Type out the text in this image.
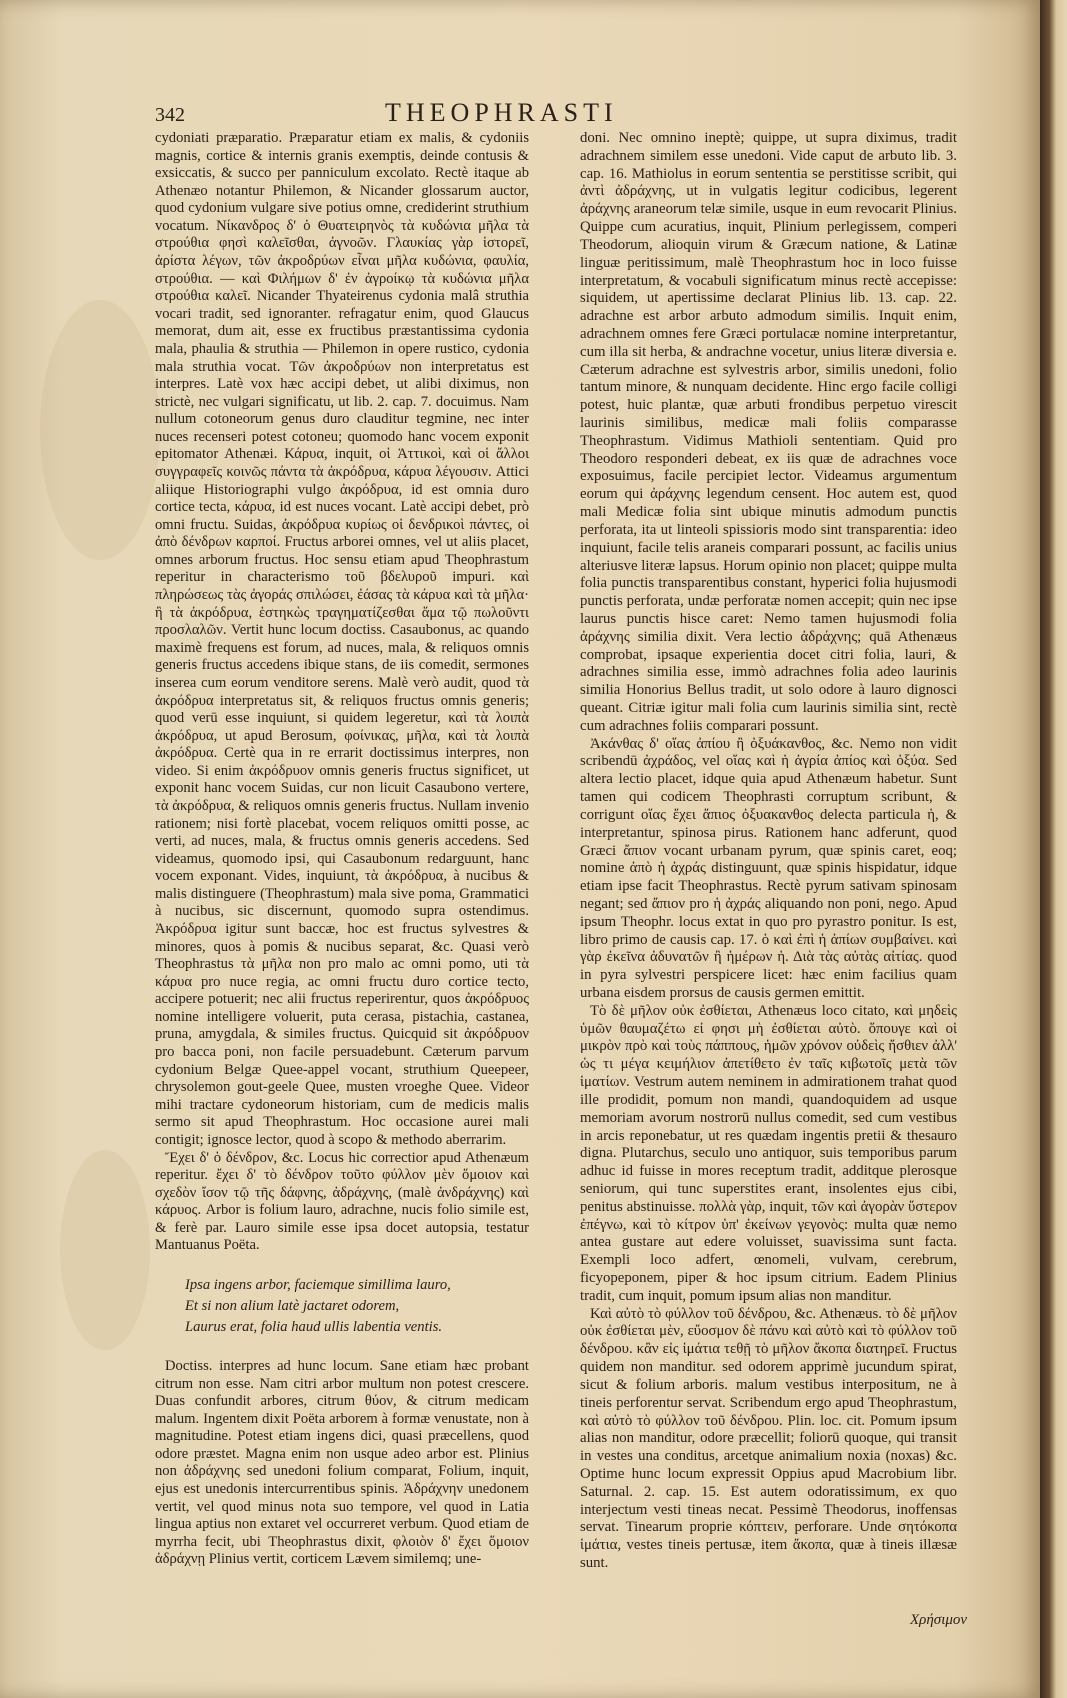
342	THEOPHRASTI

cydoniati præparatio. Præparatur etiam ex malis, & cydoniis magnis, cortice & internis granis exemptis, deinde contusis & exsiccatis, & succo per panniculum excolato. Rectè itaque ab Athenæo notantur Philemon, & Nicander glossarum auctor, quod cydonium vulgare sive potius omne, crediderint struthium vocatum. Νίκανδρος δ' ὁ Θυατειρηνὸς τὰ κυδώνια μῆλα τὰ στρούθια φησὶ καλεῖσθαι, ἀγνοῶν. Γλαυκίας γὰρ ἱστορεῖ, ἀρίστα λέγων, τῶν ἀκροδρύων εἶναι μῆλα κυδώνια, φαυλία, στρούθια. — καὶ Φιλήμων δ' ἐν ἀγροίκῳ τὰ κυδώνια μῆλα στρούθια καλεῖ. Nicander Thyateirenus cydonia malâ struthia vocari tradit, sed ignoranter. refragatur enim, quod Glaucus memorat, dum ait, esse ex fructibus præstantissima cydonia mala, phaulia & struthia — Philemon in opere rustico, cydonia mala struthia vocat. Τῶν ἀκροδρύων non interpretatus est interpres. Latè vox hæc accipi debet, ut alibi diximus, non strictè, nec vulgari significatu, ut lib. 2. cap. 7. docuimus. Nam nullum cotoneorum genus duro clauditur tegmine, nec inter nuces recenseri potest cotoneu; quomodo hanc vocem exponit epitomator Athenæi. Κάρυα, inquit, οἱ Ἀττικοὶ, καὶ οἱ ἄλλοι συγγραφεῖς κοινῶς πάντα τὰ ἀκρόδρυα, κάρυα λέγουσιν. Attici aliique Historiographi vulgo ἀκρόδρυα, id est omnia duro cortice tecta, κάρυα, id est nuces vocant. Latè accipi debet, prò omni fructu. Suidas, ἀκρόδρυα κυρίως οἱ δενδρικοὶ πάντες, οἱ ἀπὸ δένδρων καρποί. Fructus arborei omnes, vel ut aliis placet, omnes arborum fructus. Hoc sensu etiam apud Theophrastum reperitur in characterismo τοῦ βδελυροῦ impuri. καὶ πληρώσεως τὰς ἀγοράς σπιλώσει, ἐάσας τὰ κάρυα καὶ τὰ μῆλα· ἢ τὰ ἀκρόδρυα, ἑστηκὼς τραγηματίζεσθαι ἅμα τῷ πωλοῦντι προσλαλῶν. Vertit hunc locum doctiss. Casaubonus, ac quando maximè frequens est forum, ad nuces, mala, & reliquos omnis generis fructus accedens ibique stans, de iis comedit, sermones inserea cum eorum venditore serens. Malè verò audit, quod τὰ ἀκρόδρυα interpretatus sit, & reliquos fructus omnis generis; quod verū esse inquiunt, si quidem legeretur, καὶ τὰ λοιπὰ ἀκρόδρυα, ut apud Berosum, φοίνικας, μῆλα, καὶ τὰ λοιπὰ ἀκρόδρυα. Certè qua in re errarit doctissimus interpres, non video. Si enim ἀκρόδρυον omnis generis fructus significet, ut exponit hanc vocem Suidas, cur non licuit Casaubono vertere, τὰ ἀκρόδρυα, & reliquos omnis generis fructus. Nullam invenio rationem; nisi fortè placebat, vocem reliquos omitti posse, ac verti, ad nuces, mala, & fructus omnis generis accedens. Sed videamus, quomodo ipsi, qui Casaubonum redarguunt, hanc vocem exponant. Vides, inquiunt, τὰ ἀκρόδρυα, à nucibus & malis distinguere (Theophrastum) mala sive poma, Grammatici à nucibus, sic discernunt, quomodo supra ostendimus. Ἀκρόδρυα igitur sunt baccæ, hoc est fructus sylvestres & minores, quos à pomis & nucibus separat, &c. Quasi verò Theophrastus τὰ μῆλα non pro malo ac omni pomo, uti τὰ κάρυα pro nuce regia, ac omni fructu duro cortice tecto, accipere potuerit; nec alii fructus reperirentur, quos ἀκρόδρυος nomine intelligere voluerit, puta cerasa, pistachia, castanea, pruna, amygdala, & similes fructus. Quicquid sit ἀκρόδρυον pro bacca poni, non facile persuadebunt. Cæterum parvum cydonium Belgæ Quee-appel vocant, struthium Queepeer, chrysolemon gout-geele Quee, musten vroeghe Quee. Videor mihi tractare cydoneorum historiam, cum de medicis malis sermo sit apud Theophrastum. Hoc occasione aurei mali contigit; ignosce lector, quod à scopo & methodo aberrarim.

Ἔχει δ' ὁ δένδρον, &c. Locus hic correctior apud Athenæum reperitur. ἔχει δ' τὸ δένδρον τοῦτο φύλλον μὲν ὅμοιον καὶ σχεδὸν ἴσον τῷ τῆς δάφνης, ἀδράχνης, (malè ἀνδράχνης) καὶ κάρυος. Arbor is folium lauro, adrachne, nucis folio simile est, & ferè par. Lauro simile esse ipsa docet autopsia, testatur Mantuanus Poëta.

Ipsa ingens arbor, faciemque simillima lauro,
Et si non alium latè jactaret odorem,
Laurus erat, folia haud ullis labentia ventis.

Doctiss. interpres ad hunc locum. Sane etiam hæc probant citrum non esse. Nam citri arbor multum non potest crescere. Duas confundit arbores, citrum θύον, & citrum medicam malum. Ingentem dixit Poëta arborem à formæ venustate, non à magnitudine. Potest etiam ingens dici, quasi præcellens, quod odore præstet. Magna enim non usque adeo arbor est. Plinius non ἀδράχνης sed unedoni folium comparat, Folium, inquit, ejus est unedonis intercurrentibus spinis. Ἀδράχνην unedonem vertit, vel quod minus nota suo tempore, vel quod in Latia lingua aptius non extaret vel occurreret verbum. Quod etiam de myrrha fecit, ubi Theophrastus dixit, φλοιὸν δ' ἔχει ὅμοιον ἀδράχνῃ Plinius vertit, corticem Lævem similemq; une-

doni. Nec omnino ineptè; quippe, ut supra diximus, tradit adrachnem similem esse unedoni. Vide caput de arbuto lib. 3. cap. 16. Mathiolus in eorum sententia se perstitisse scribit, qui ἀντὶ ἀδράχνης, ut in vulgatis legitur codicibus, legerent ἀράχνης araneorum telæ simile, usque in eum revocarit Plinius. Quippe cum acuratius, inquit, Plinium perlegissem, comperi Theodorum, alioquin virum & Græcum natione, & Latinæ linguæ peritissimum, malè Theophrastum hoc in loco fuisse interpretatum, & vocabuli significatum minus rectè accepisse: siquidem, ut apertissime declarat Plinius lib. 13. cap. 22. adrachne est arbor arbuto admodum similis. Inquit enim, adrachnem omnes fere Græci portulacæ nomine interpretantur, cum illa sit herba, & andrachne vocetur, unius literæ diversia e. Cæterum adrachne est sylvestris arbor, similis unedoni, folio tantum minore, & nunquam decidente. Hinc ergo facile colligi potest, huic plantæ, quæ arbuti frondibus perpetuo virescit laurinis similibus, medicæ mali foliis comparasse Theophrastum. Vidimus Mathioli sententiam. Quid pro Theodoro responderi debeat, ex iis quæ de adrachnes voce exposuimus, facile percipiet lector. Videamus argumentum eorum qui ἀράχνης legendum censent. Hoc autem est, quod mali Medicæ folia sint ubique minutis admodum punctis perforata, ita ut linteoli spissioris modo sint transparentia: ideo inquiunt, facile telis araneis comparari possunt, ac facilis unius alteriusve literæ lapsus. Horum opinio non placet; quippe multa folia punctis transparentibus constant, hyperici folia hujusmodi punctis perforata, undæ perforatæ nomen accepit; quin nec ipse laurus punctis hisce caret: Nemo tamen hujusmodi folia ἀράχνης similia dixit. Vera lectio ἀδράχνης; quā Athenæus comprobat, ipsaque experientia docet citri folia, lauri, & adrachnes similia esse, immò adrachnes folia adeo laurinis similia Honorius Bellus tradit, ut solo odore à lauro dignosci queant. Citriæ igitur mali folia cum laurinis similia sint, rectè cum adrachnes foliis comparari possunt.

Ἀκάνθας δ' οἵας ἀπίου ἢ ὀξυάκανθος, &c. Nemo non vidit scribendū ἀχράδος, vel οἵας καὶ ἡ ἀγρία ἀπίος καὶ ὀξύα. Sed altera lectio placet, idque quia apud Athenæum habetur. Sunt tamen qui codicem Theophrasti corruptum scribunt, & corrigunt οἵας ἔχει ἄπιος ὀξυακανθος delecta particula ἡ, & interpretantur, spinosa pirus. Rationem hanc adferunt, quod Græci ἄπιον vocant urbanam pyrum, quæ spinis caret, eoq; nomine ἀπὸ ἡ ἀχράς distinguunt, quæ spinis hispidatur, idque etiam ipse facit Theophrastus. Rectè pyrum sativam spinosam negant; sed ἄπιον pro ἡ ἀχράς aliquando non poni, nego. Apud ipsum Theophr. locus extat in quo pro pyrastro ponitur. Is est, libro primo de causis cap. 17. ὁ καὶ ἐπὶ ἡ ἀπίων συμβαίνει. καὶ γὰρ ἐκεῖνα ἀδυνατῶν ἢ ἡμέρων ἡ. Διὰ τὰς αὐτὰς αἰτίας. quod in pyra sylvestri perspicere licet: hæc enim facilius quam urbana eisdem prorsus de causis germen emittit.

Τὸ δὲ μῆλον οὐκ ἐσθίεται, Athenæus loco citato, καὶ μηδεὶς ὑμῶν θαυμαζέτω εἰ φησι μὴ ἐσθίεται αὐτὸ. ὅπουγε καὶ οἱ μικρὸν πρὸ καὶ τοὺς πάππους, ἡμῶν χρόνον οὐδεὶς ἤσθιεν ἀλλ' ὡς τι μέγα κειμήλιον ἀπετίθετο ἐν ταῖς κιβωτοῖς μετὰ τῶν ἱματίων. Vestrum autem neminem in admirationem trahat quod ille prodidit, pomum non mandi, quandoquidem ad usque memoriam avorum nostrorū nullus comedit, sed cum vestibus in arcis reponebatur, ut res quædam ingentis pretii & thesauro digna. Plutarchus, seculo uno antiquor, suis temporibus parum adhuc id fuisse in mores receptum tradit, additque plerosque seniorum, qui tunc superstites erant, insolentes ejus cibi, penitus abstinuisse. πολλὰ γὰρ, inquit, τῶν καὶ ἀγορὰν ὕστερον ἐπέγνω, καὶ τὸ κίτρον ὑπ' ἐκείνων γεγονὸς: multa quæ nemo antea gustare aut edere voluisset, suavissima sunt facta. Exempli loco adfert, œnomeli, vulvam, cerebrum, ficyopeponem, piper & hoc ipsum citrium. Eadem Plinius tradit, cum inquit, pomum ipsum alias non manditur.

Καὶ αὐτὸ τὸ φύλλον τοῦ δένδρου, &c. Athenæus. τὸ δὲ μῆλον οὐκ ἐσθίεται μὲν, εὔοσμον δὲ πάνυ καὶ αὐτὸ καὶ τὸ φύλλον τοῦ δένδρου. κἂν εἰς ἱμάτια τεθῇ τὸ μῆλον ἄκοπα διατηρεῖ. Fructus quidem non manditur. sed odorem apprimè jucundum spirat, sicut & folium arboris. malum vestibus interpositum, ne à tineis perforentur servat. Scribendum ergo apud Theophrastum, καὶ αὐτὸ τὸ φύλλον τοῦ δένδρου. Plin. loc. cit. Pomum ipsum alias non manditur, odore præcellit; foliorū quoque, qui transit in vestes una conditus, arcetque animalium noxia (noxas) &c. Optime hunc locum expressit Oppius apud Macrobium libr. Saturnal. 2. cap. 15. Est autem odoratissimum, ex quo interjectum vesti tineas necat. Pessimè Theodorus, inoffensas servat. Tinearum proprie κόπτειν, perforare. Unde σητόκοπα ἱμάτια, vestes tineis pertusæ, item ἄκοπα, quæ à tineis illæsæ sunt.

Χρήσιμον
